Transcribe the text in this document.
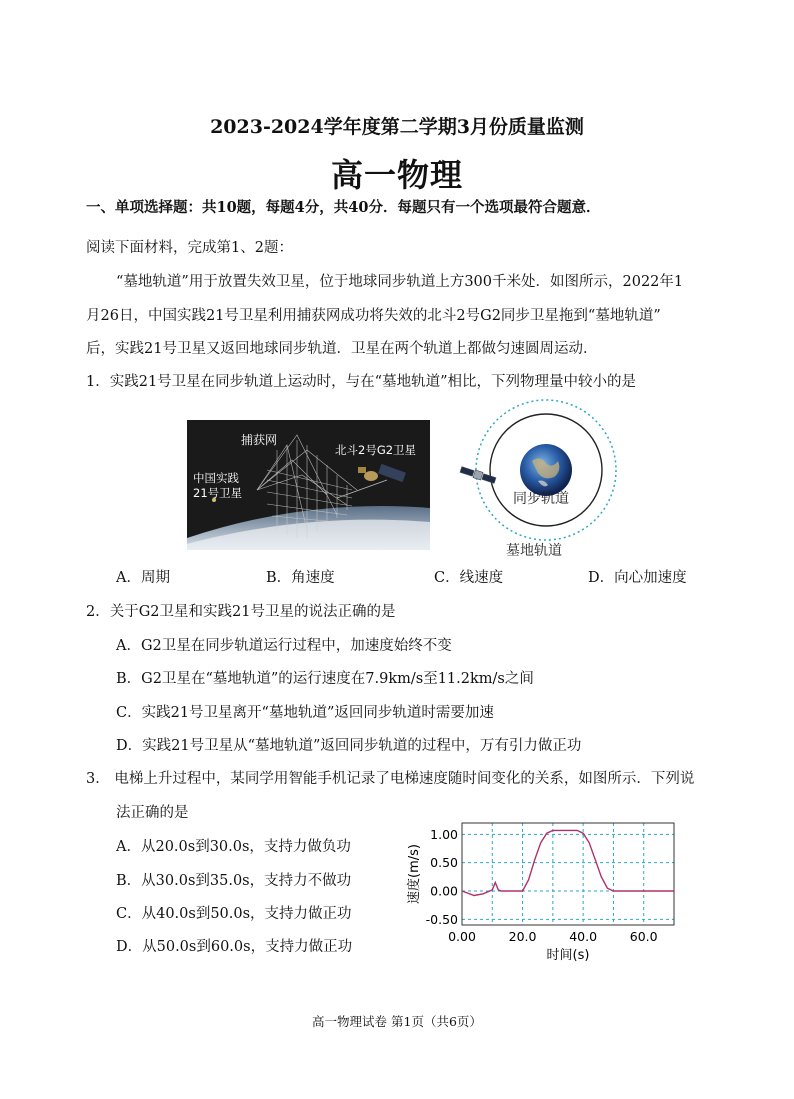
2023-2024学年度第二学期3月份质量监测
高一物理
一、单项选择题：共10题，每题4分，共40分．每题只有一个选项最符合题意．
阅读下面材料，完成第1、2题：
“墓地轨道”用于放置失效卫星，位于地球同步轨道上方300千米处．如图所示，2022年1
月26日，中国实践21号卫星利用捕获网成功将失效的北斗2号G2同步卫星拖到“墓地轨道”
后，实践21号卫星又返回地球同步轨道．卫星在两个轨道上都做匀速圆周运动．
1．实践21号卫星在同步轨道上运动时，与在“墓地轨道”相比，下列物理量中较小的是
捕获网
北斗2号G2卫星
中国实践
21号卫星	同步轨道
墓地轨道
A．周期	B．角速度	C．线速度	D．向心加速度
2．关于G2卫星和实践21号卫星的说法正确的是
A．G2卫星在同步轨道运行过程中，加速度始终不变
B．G2卫星在“墓地轨道”的运行速度在7.9km/s至11.2km/s之间
C．实践21号卫星离开“墓地轨道”返回同步轨道时需要加速
D．实践21号卫星从“墓地轨道”返回同步轨道的过程中，万有引力做正功
3． 电梯上升过程中，某同学用智能手机记录了电梯速度随时间变化的关系，如图所示．下列说
法正确的是
A．从20.0s到30.0s，支持力做负功
B．从30.0s到35.0s，支持力不做功
C．从40.0s到50.0s，支持力做正功
D．从50.0s到60.0s，支持力做正功
1.00
0.50
0.00
-0.50
0.00	20.0	40.0	60.0
时间(s)
速度(m/s)
高一物理试卷 第1页（共6页）
